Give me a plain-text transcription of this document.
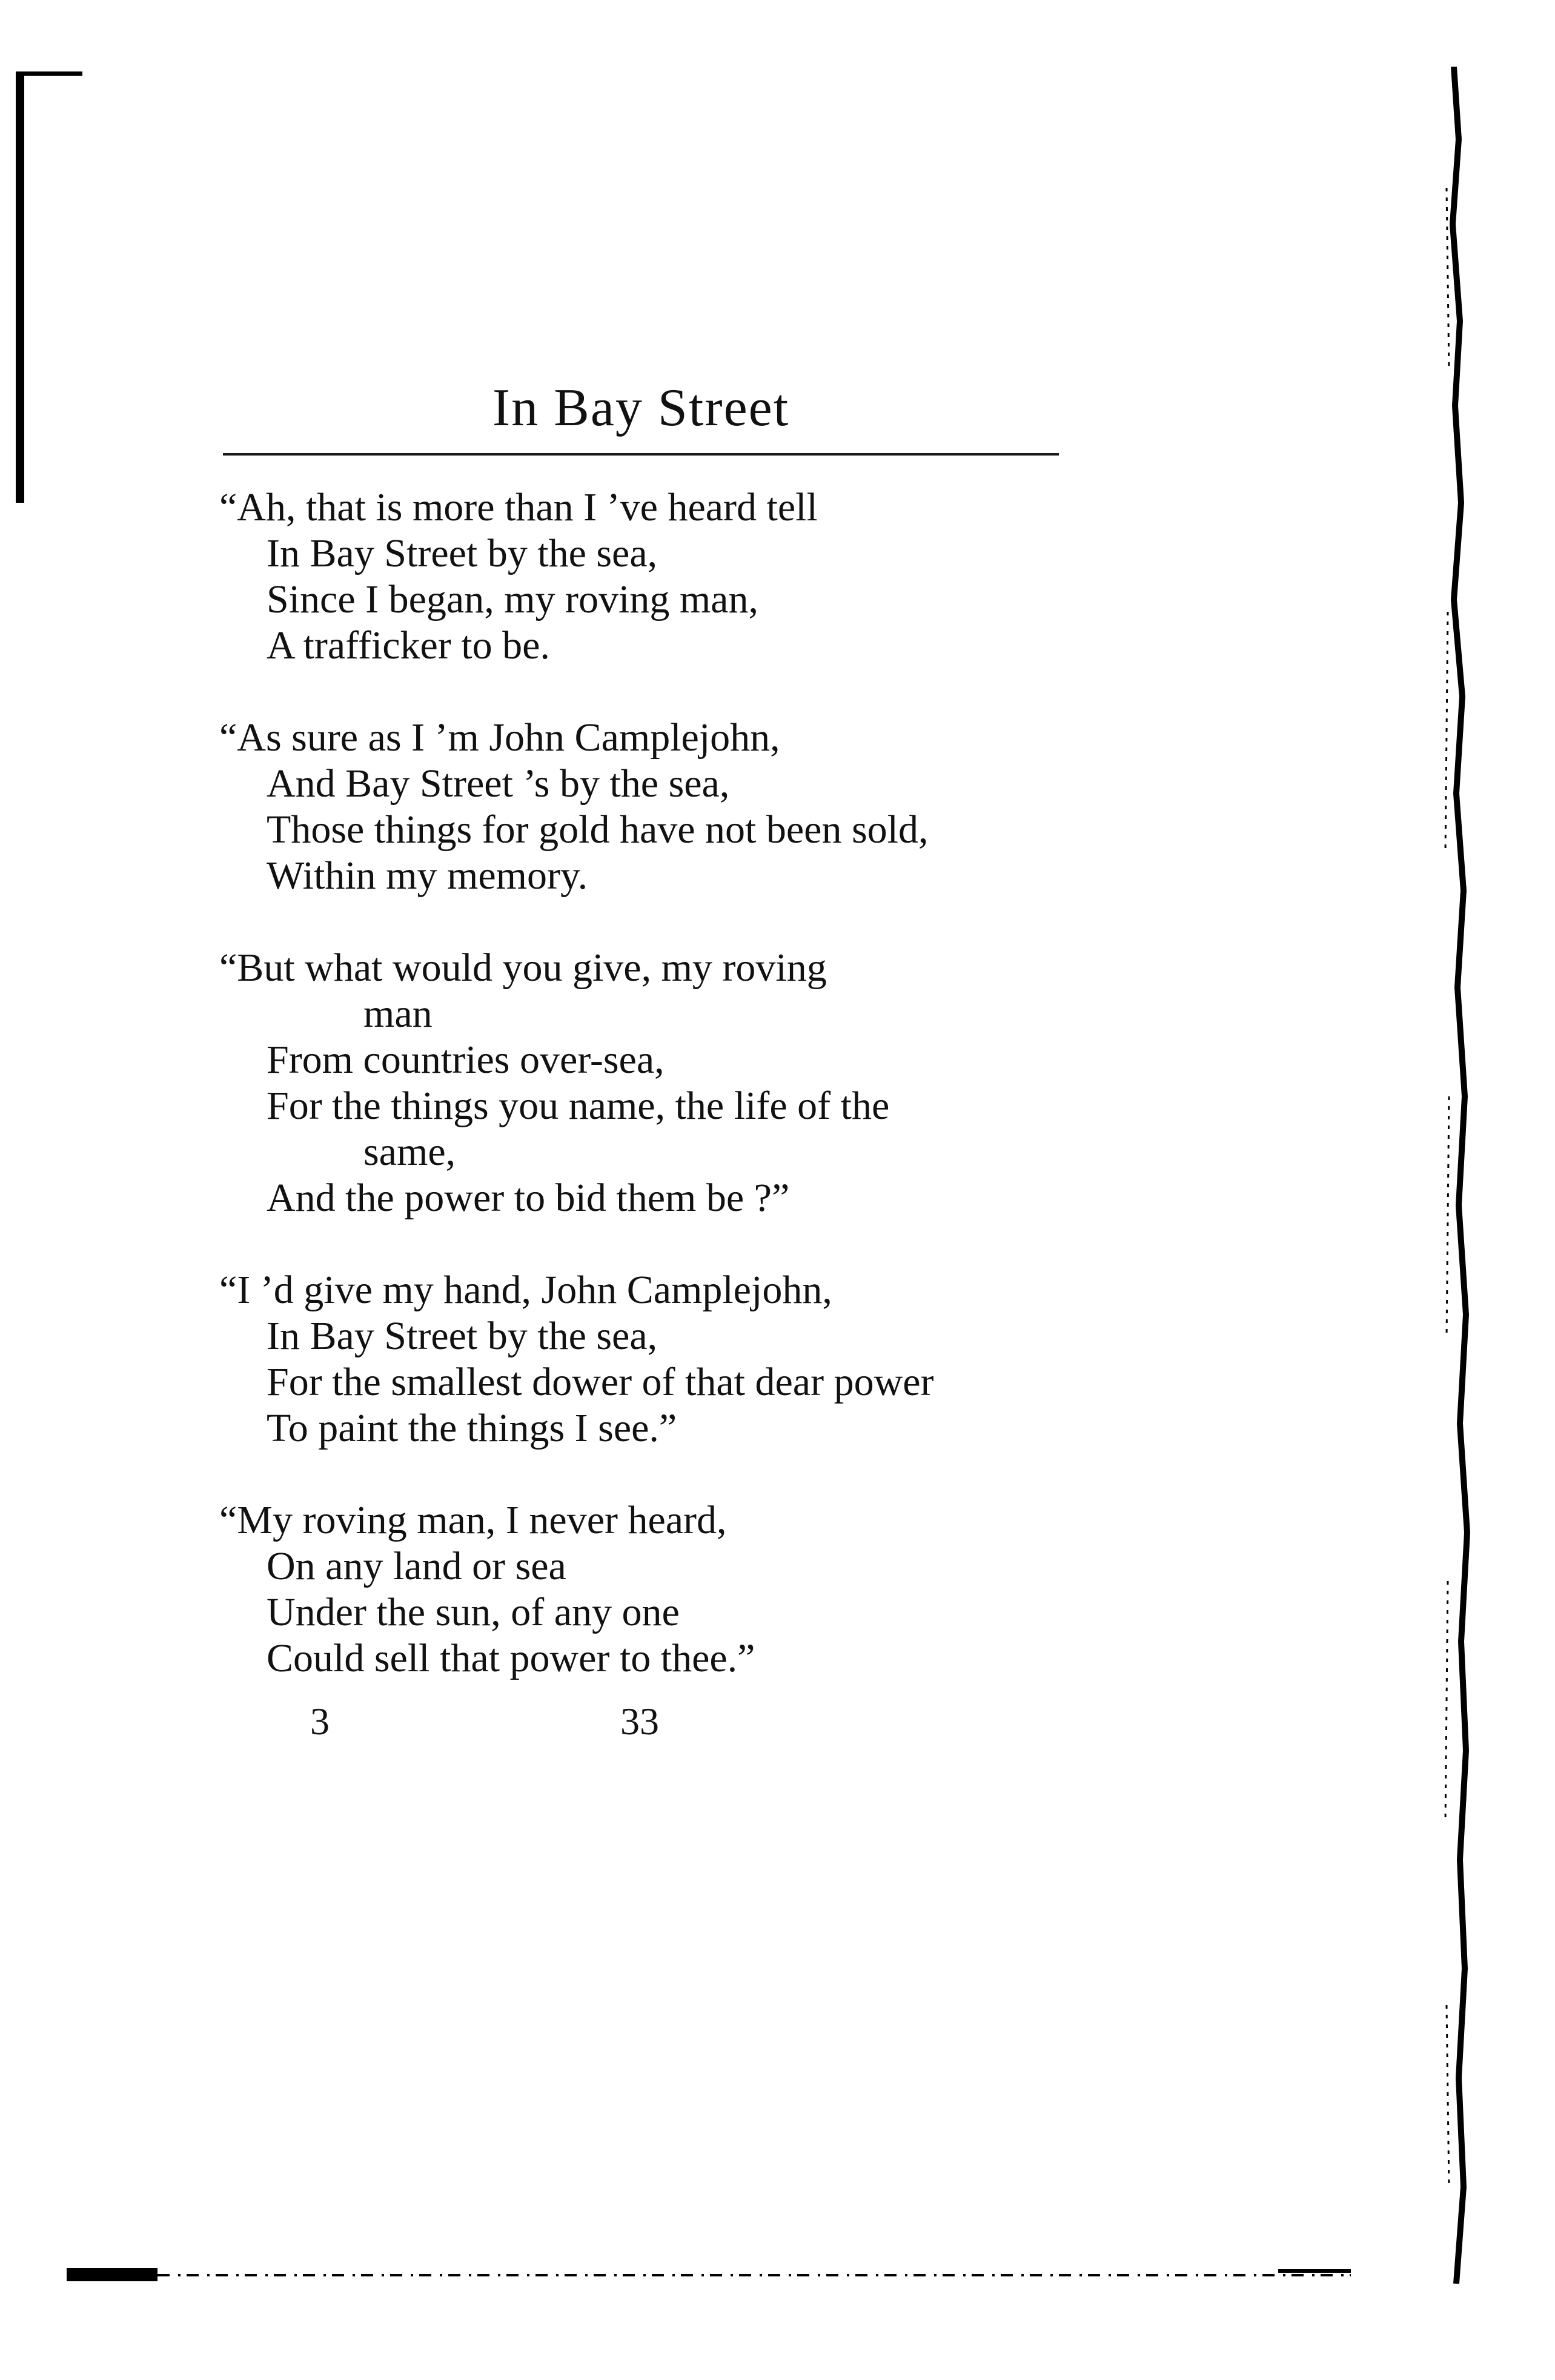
In Bay Street
“Ah, that is more than I ’ve heard tell
In Bay Street by the sea,
Since I began, my roving man,
A trafficker to be.
“As sure as I ’m John Camplejohn,
And Bay Street ’s by the sea,
Those things for gold have not been sold,
Within my memory.
“But what would you give, my roving
man
From countries over-sea,
For the things you name, the life of the
same,
And the power to bid them be ?”
“I ’d give my hand, John Camplejohn,
In Bay Street by the sea,
For the smallest dower of that dear power
To paint the things I see.”
“My roving man, I never heard,
On any land or sea
Under the sun, of any one
Could sell that power to thee.”
3	33
